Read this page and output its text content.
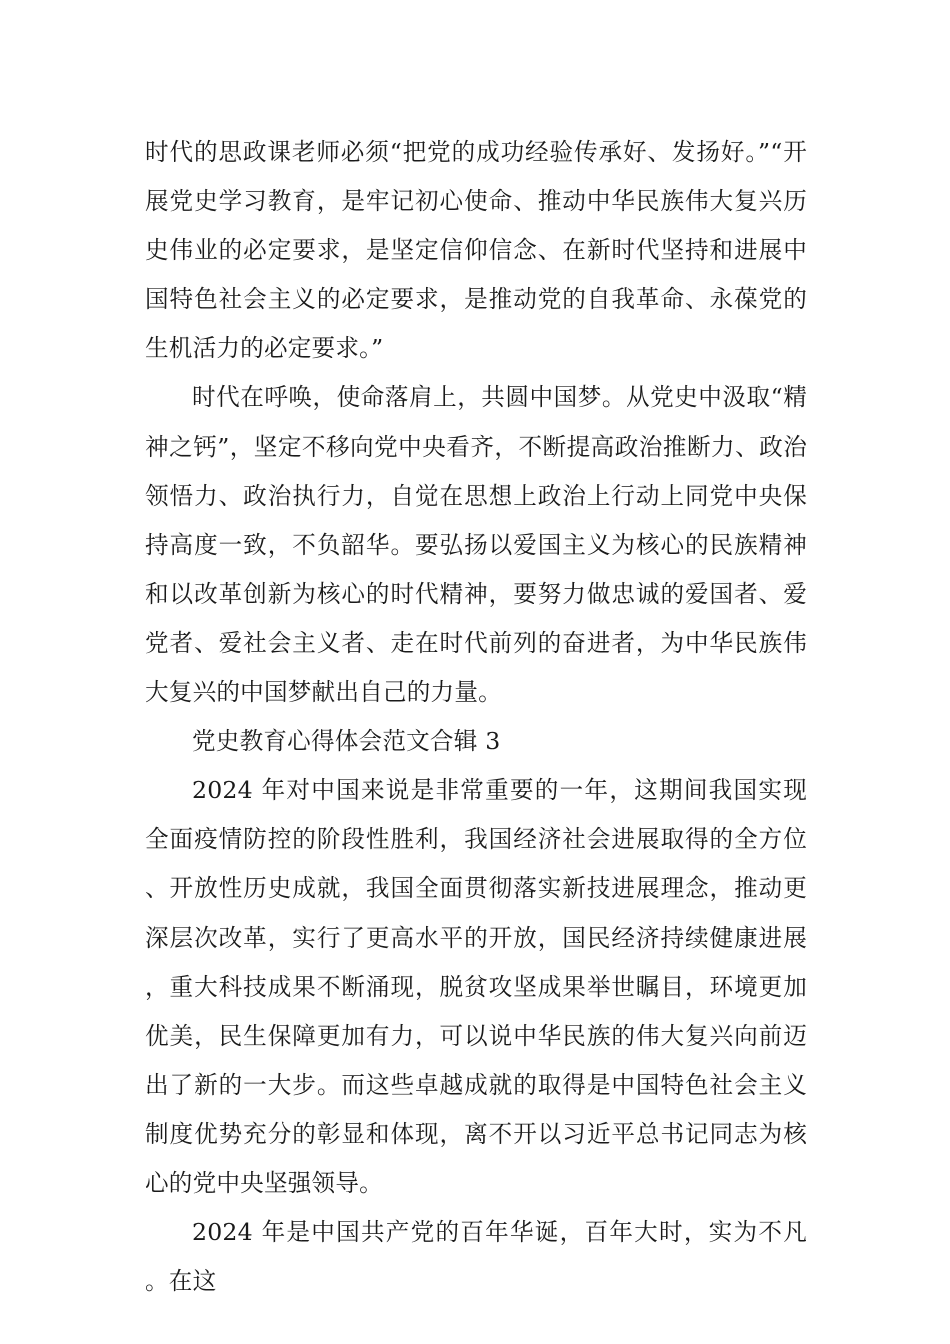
时代的思政课老师必须“把党的成功经验传承好、发扬好。”“开展党史学习教育，是牢记初心使命、推动中华民族伟大复兴历史伟业的必定要求，是坚定信仰信念、在新时代坚持和进展中国特色社会主义的必定要求，是推动党的自我革命、永葆党的生机活力的必定要求。”

时代在呼唤，使命落肩上，共圆中国梦。从党史中汲取“精神之钙”，坚定不移向党中央看齐，不断提高政治推断力、政治领悟力、政治执行力，自觉在思想上政治上行动上同党中央保持高度一致，不负韶华。要弘扬以爱国主义为核心的民族精神和以改革创新为核心的时代精神，要努力做忠诚的爱国者、爱党者、爱社会主义者、走在时代前列的奋进者，为中华民族伟大复兴的中国梦献出自己的力量。

党史教育心得体会范文合辑 3

2024 年对中国来说是非常重要的一年，这期间我国实现全面疫情防控的阶段性胜利，我国经济社会进展取得的全方位、开放性历史成就，我国全面贯彻落实新技进展理念，推动更深层次改革，实行了更高水平的开放，国民经济持续健康进展，重大科技成果不断涌现，脱贫攻坚成果举世瞩目，环境更加优美，民生保障更加有力，可以说中华民族的伟大复兴向前迈出了新的一大步。而这些卓越成就的取得是中国特色社会主义制度优势充分的彰显和体现，离不开以习近平总书记同志为核心的党中央坚强领导。

2024 年是中国共产党的百年华诞，百年大时，实为不凡。在这
